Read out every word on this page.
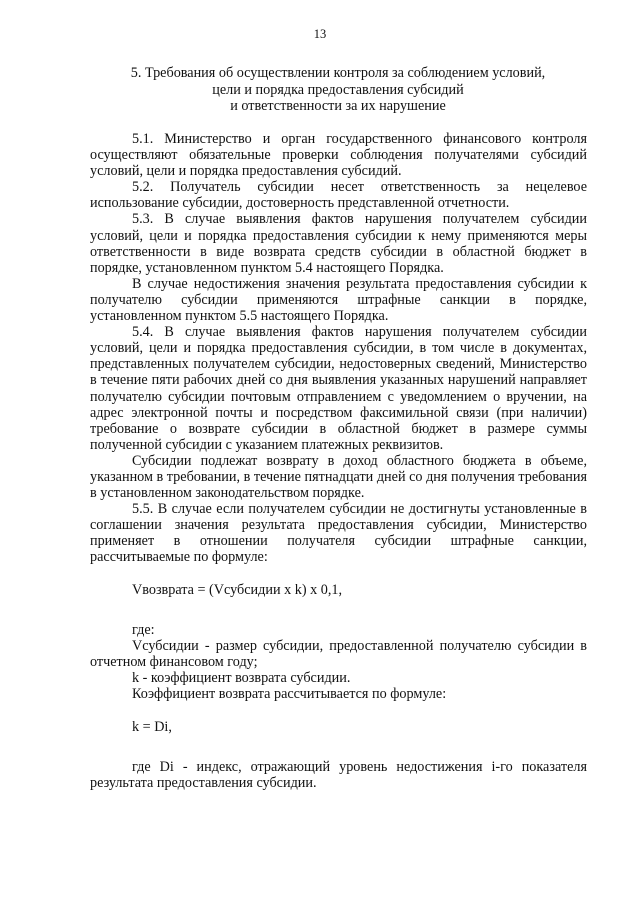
13
5. Требования об осуществлении контроля за соблюдением условий,
цели и порядка предоставления субсидий
и ответственности за их нарушение

5.1. Министерство и орган государственного финансового контроля осуществляют обязательные проверки соблюдения получателями субсидий условий, цели и порядка предоставления субсидий.

5.2. Получатель субсидии несет ответственность за нецелевое использование субсидии, достоверность представленной отчетности.

5.3. В случае выявления фактов нарушения получателем субсидии условий, цели и порядка предоставления субсидии к нему применяются меры ответственности в виде возврата средств субсидии в областной бюджет в порядке, установленном пунктом 5.4 настоящего Порядка.

В случае недостижения значения результата предоставления субсидии к получателю субсидии применяются штрафные санкции в порядке, установленном пунктом 5.5 настоящего Порядка.

5.4. В случае выявления фактов нарушения получателем субсидии условий, цели и порядка предоставления субсидии, в том числе в документах, представленных получателем субсидии, недостоверных сведений, Министерство в течение пяти рабочих дней со дня выявления указанных нарушений направляет получателю субсидии почтовым отправлением с уведомлением о вручении, на адрес электронной почты и посредством факсимильной связи (при наличии) требование о возврате субсидии в областной бюджет в размере суммы полученной субсидии с указанием платежных реквизитов.

Субсидии подлежат возврату в доход областного бюджета в объеме, указанном в требовании, в течение пятнадцати дней со дня получения требования в установленном законодательством порядке.

5.5. В случае если получателем субсидии не достигнуты установленные в соглашении значения результата предоставления субсидии, Министерство применяет в отношении получателя субсидии штрафные санкции, рассчитываемые по формуле:

Vвозврата = (Vсубсидии x k) x 0,1,

где:

Vсубсидии - размер субсидии, предоставленной получателю субсидии в отчетном финансовом году;

k - коэффициент возврата субсидии.

Коэффициент возврата рассчитывается по формуле:

k = Di,

где Di - индекс, отражающий уровень недостижения i-го показателя результата предоставления субсидии.
